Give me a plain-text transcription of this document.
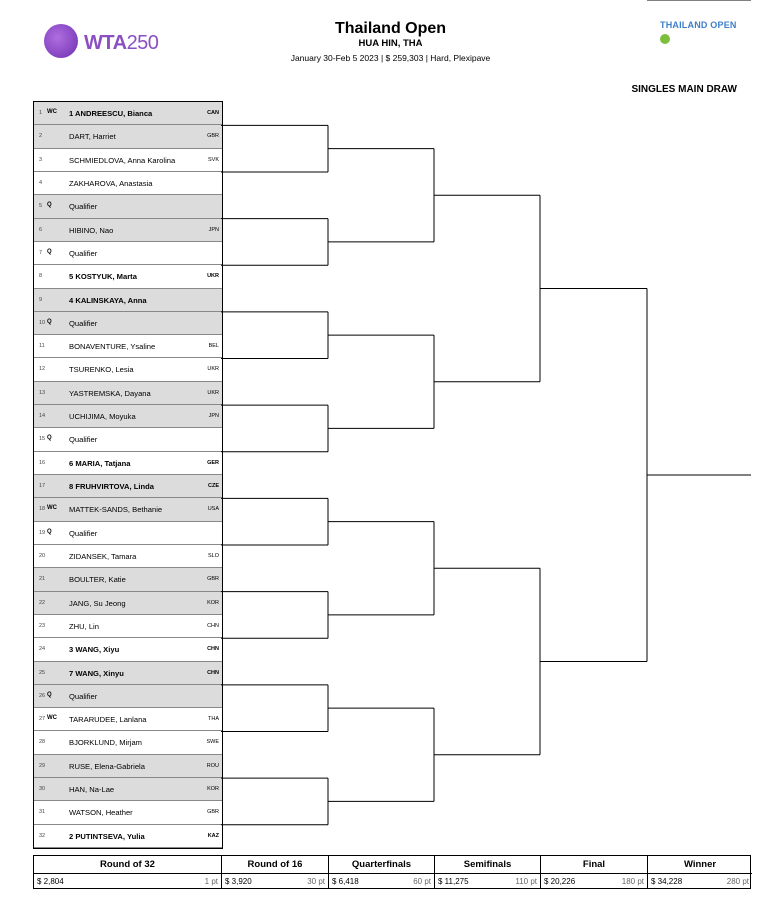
WTA250
Thailand Open
HUA HIN, THA
January 30-Feb 5 2023 | $ 259,303 | Hard, Plexipave
THAILAND OPEN
SINGLES MAIN DRAW
1 WC 1 ANDREESCU, Bianca	CAN
2	DART, Harriet	GBR
3	SCHMIEDLOVA, Anna Karolina	SVK
4	ZAKHAROVA, Anastasia
5 Q Qualifier
6	HIBINO, Nao	JPN
7 Q Qualifier
8	5 KOSTYUK, Marta	UKR
9	4 KALINSKAYA, Anna
10 Q Qualifier
11	BONAVENTURE, Ysaline	BEL
12	TSURENKO, Lesia	UKR
13	YASTREMSKA, Dayana	UKR
14	UCHIJIMA, Moyuka	JPN
15 Q Qualifier
16	6 MARIA, Tatjana	GER
17	8 FRUHVIRTOVA, Linda	CZE
18 WC MATTEK-SANDS, Bethanie	USA
19 Q Qualifier
20	ZIDANSEK, Tamara	SLO
21	BOULTER, Katie	GBR
22	JANG, Su Jeong	KOR
23	ZHU, Lin	CHN
24	3 WANG, Xiyu	CHN
25	7 WANG, Xinyu	CHN
26 Q Qualifier
27 WC TARARUDEE, Lanlana	THA
28	BJORKLUND, Mirjam	SWE
29	RUSE, Elena-Gabriela	ROU
30	HAN, Na-Lae	KOR
31	WATSON, Heather	GBR
32	2 PUTINTSEVA, Yulia	KAZ
Round of 32
$ 2,804	1 pt
Round of 16
$ 3,920	30 pt
Quarterfinals
$ 6,418	60 pt
Semifinals
$ 11,275	110 pt
Final
$ 20,226	180 pt
Winner
$ 34,228	280 pt
